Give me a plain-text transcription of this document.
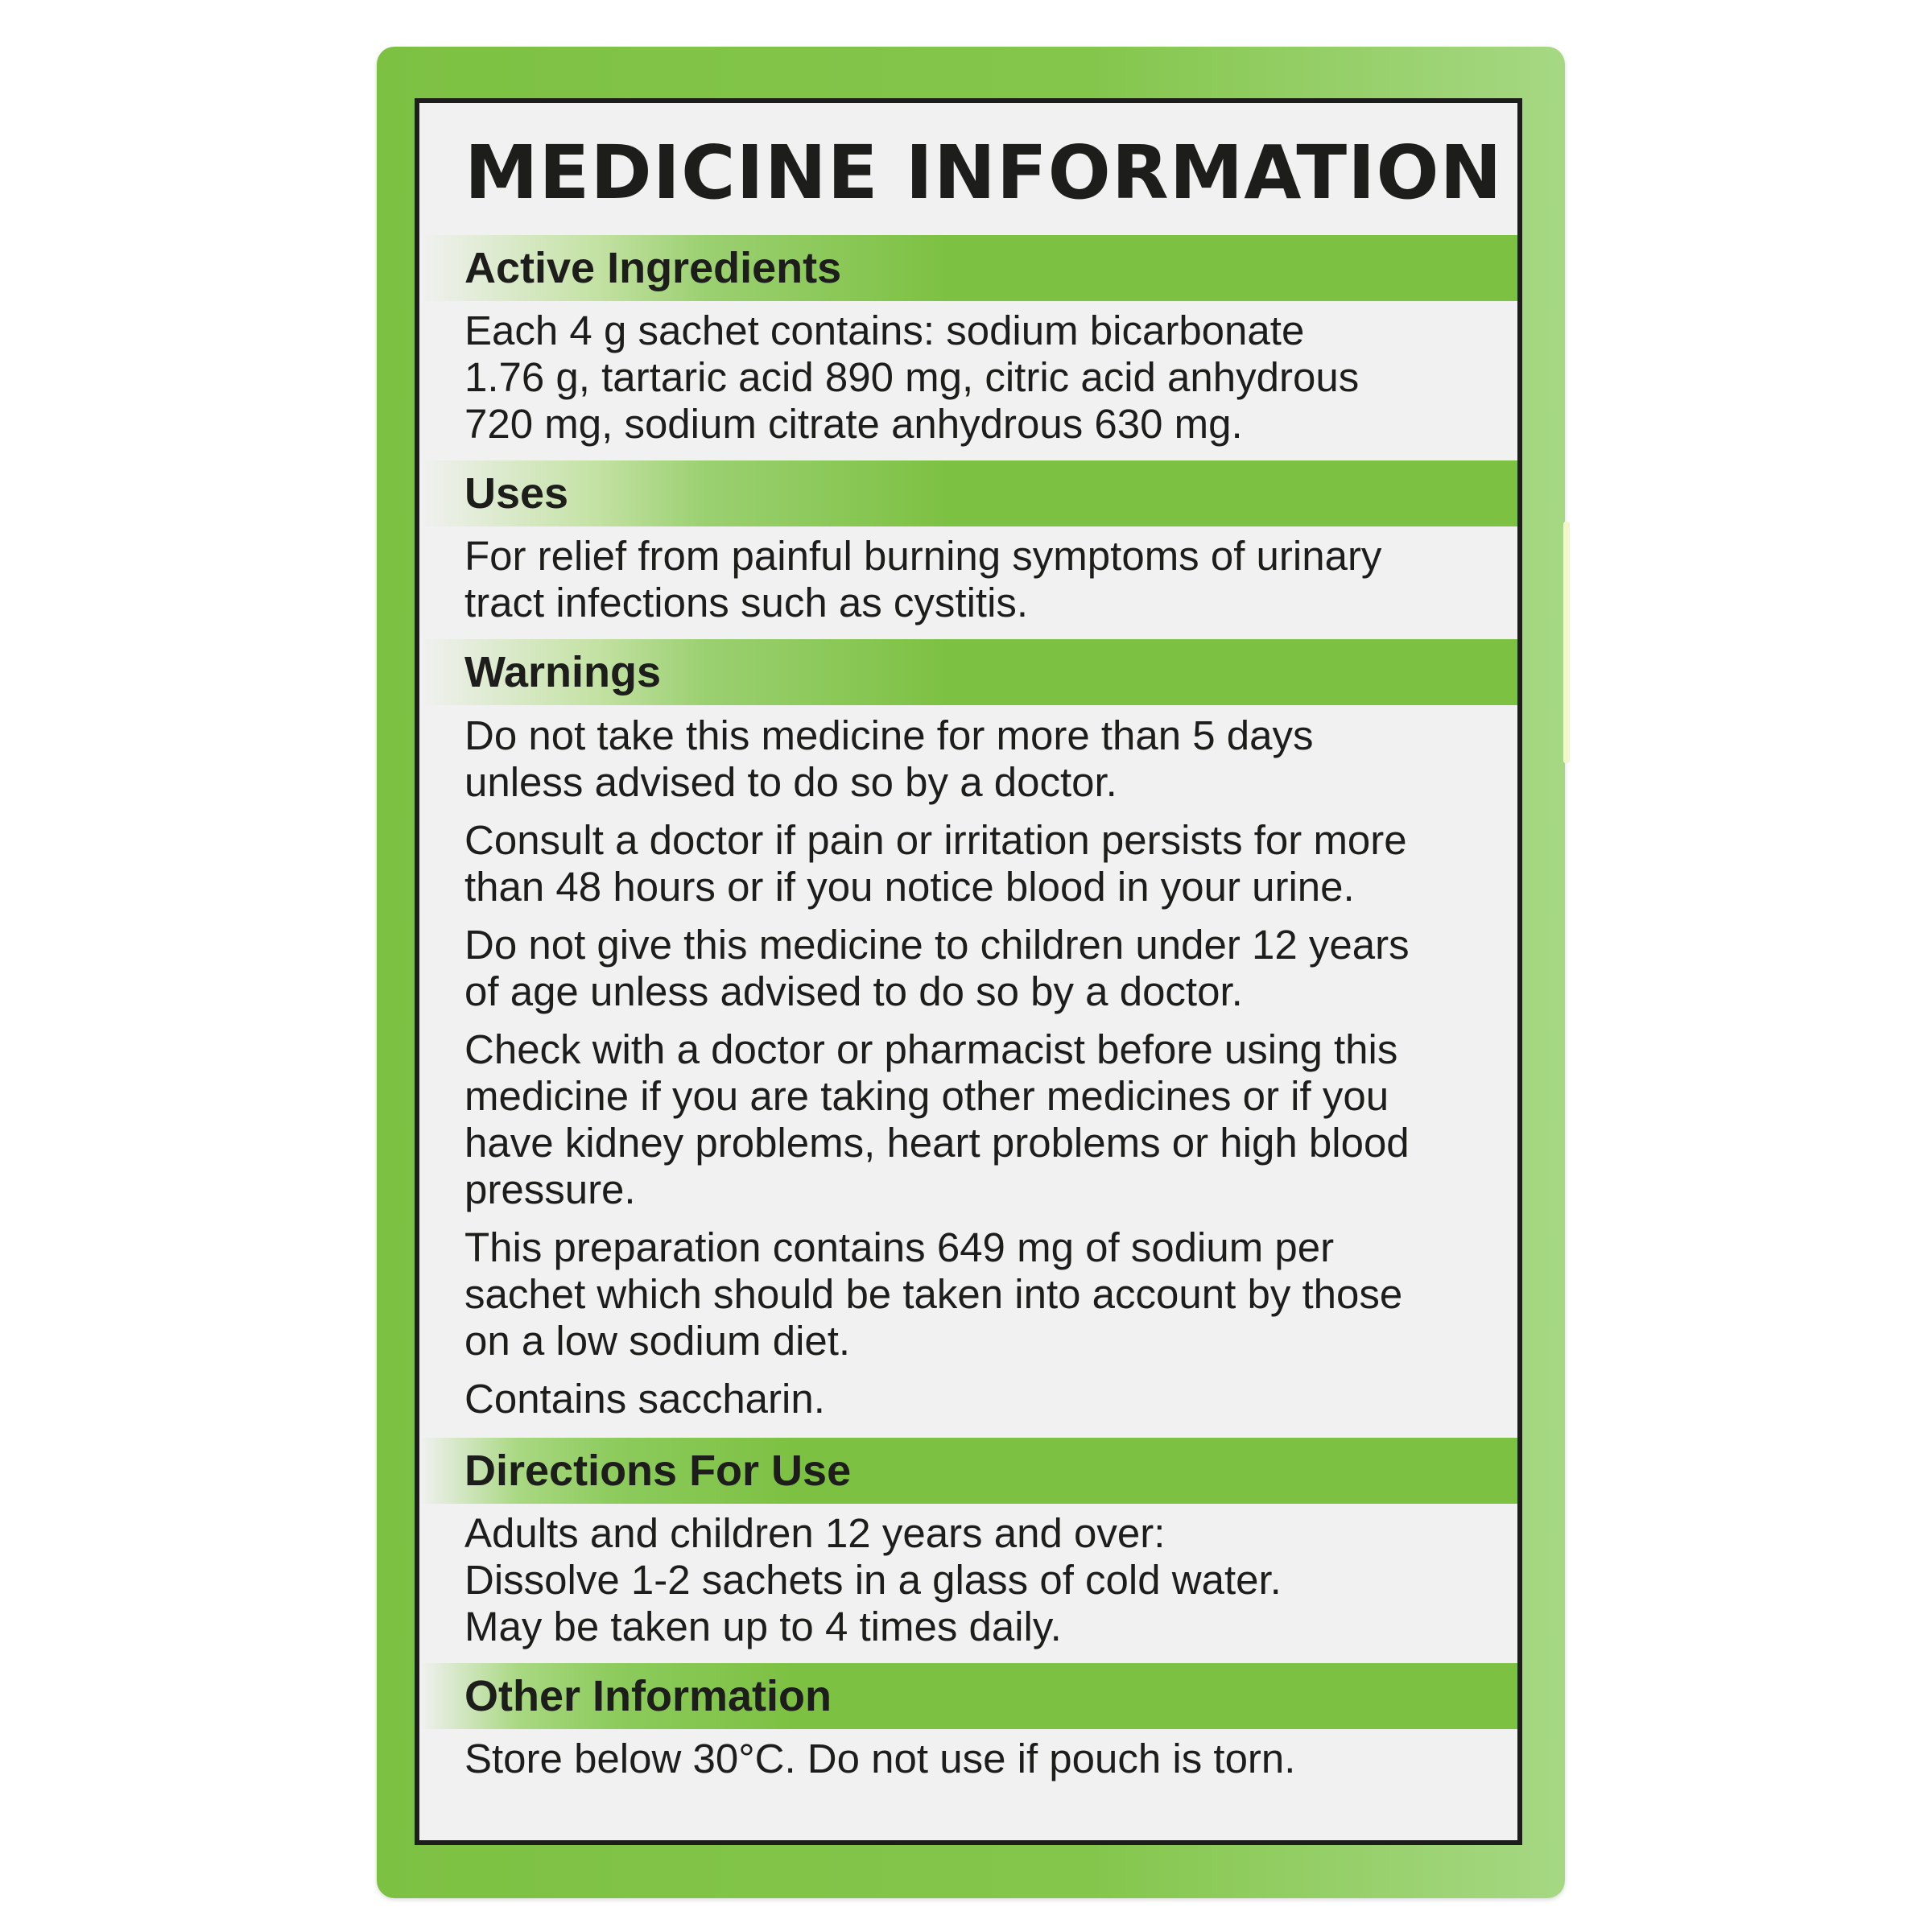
MEDICINE INFORMATION
Active Ingredients

Each 4 g sachet contains: sodium bicarbonate

1.76 g, tartaric acid 890 mg, citric acid anhydrous

720 mg, sodium citrate anhydrous 630 mg.

Uses

For relief from painful burning symptoms of urinary

tract infections such as cystitis.

Warnings

Do not take this medicine for more than 5 days

unless advised to do so by a doctor.

Consult a doctor if pain or irritation persists for more

than 48 hours or if you notice blood in your urine.

Do not give this medicine to children under 12 years

of age unless advised to do so by a doctor.

Check with a doctor or pharmacist before using this

medicine if you are taking other medicines or if you

have kidney problems, heart problems or high blood

pressure.

This preparation contains 649 mg of sodium per

sachet which should be taken into account by those

on a low sodium diet.

Contains saccharin.

Directions For Use

Adults and children 12 years and over:

Dissolve 1-2 sachets in a glass of cold water.

May be taken up to 4 times daily.

Other Information

Store below 30°C. Do not use if pouch is torn.
